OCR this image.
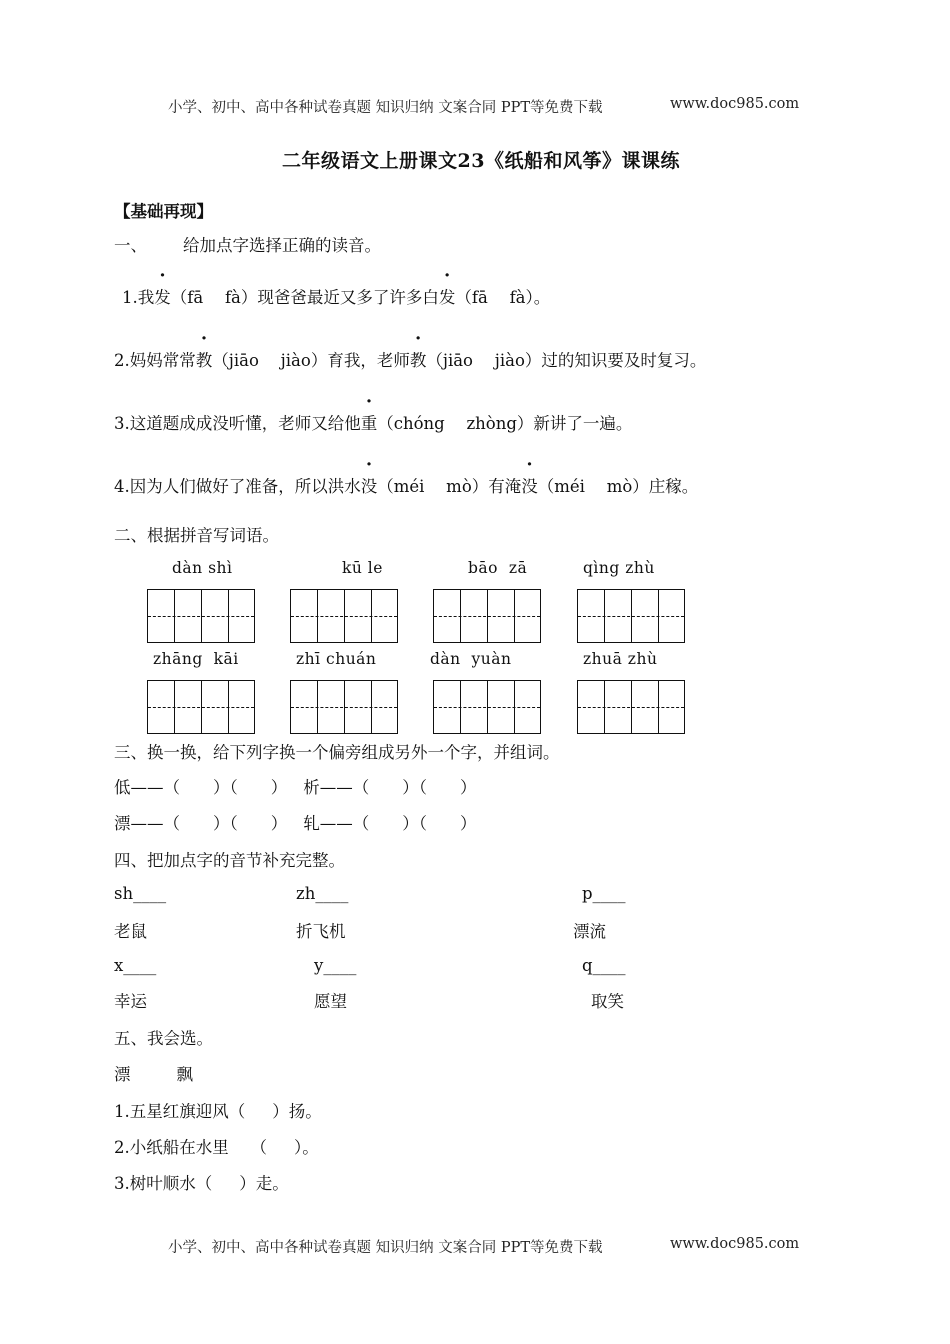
小学、初中、高中各种试卷真题 知识归纳 文案合同 PPT等免费下载	www.doc985.com
二年级语文上册课文23《纸船和风筝》课课练
【基础再现】
一、 给加点字选择正确的读音。
1.我发（fā　 fà）现爸爸最近又多了许多白发（fā　 fà）。
2.妈妈常常教（jiāo　 jiào）育我，老师教（jiāo　 jiào）过的知识要及时复习。
3.这道题成成没听懂，老师又给他重（chóng　 zhòng）新讲了一遍。
4.因为人们做好了准备，所以洪水没（méi　 mò）有淹没（méi　 mò）庄稼。
二、根据拼音写词语。
dàn shì	kū le	bāo  zā	qìng zhù
zhāng  kāi	zhī chuán	dàn  yuàn	zhuā zhù
三、换一换，给下列字换一个偏旁组成另外一个字，并组词。
低——（　　）（　　） 析——（　　）（　　）
漂——（　　）（　　） 轧——（　　）（　　）
四、把加点字的音节补充完整。
sh____	zh____	p____
老鼠	折飞机	漂流
x____	y____	q____
幸运	愿望	取笑
五、我会选。
漂	飘
1.五星红旗迎风（　  ）扬。
2.小纸船在水里　 （　  ）。
3.树叶顺水（　  ）走。
小学、初中、高中各种试卷真题 知识归纳 文案合同 PPT等免费下载	www.doc985.com
